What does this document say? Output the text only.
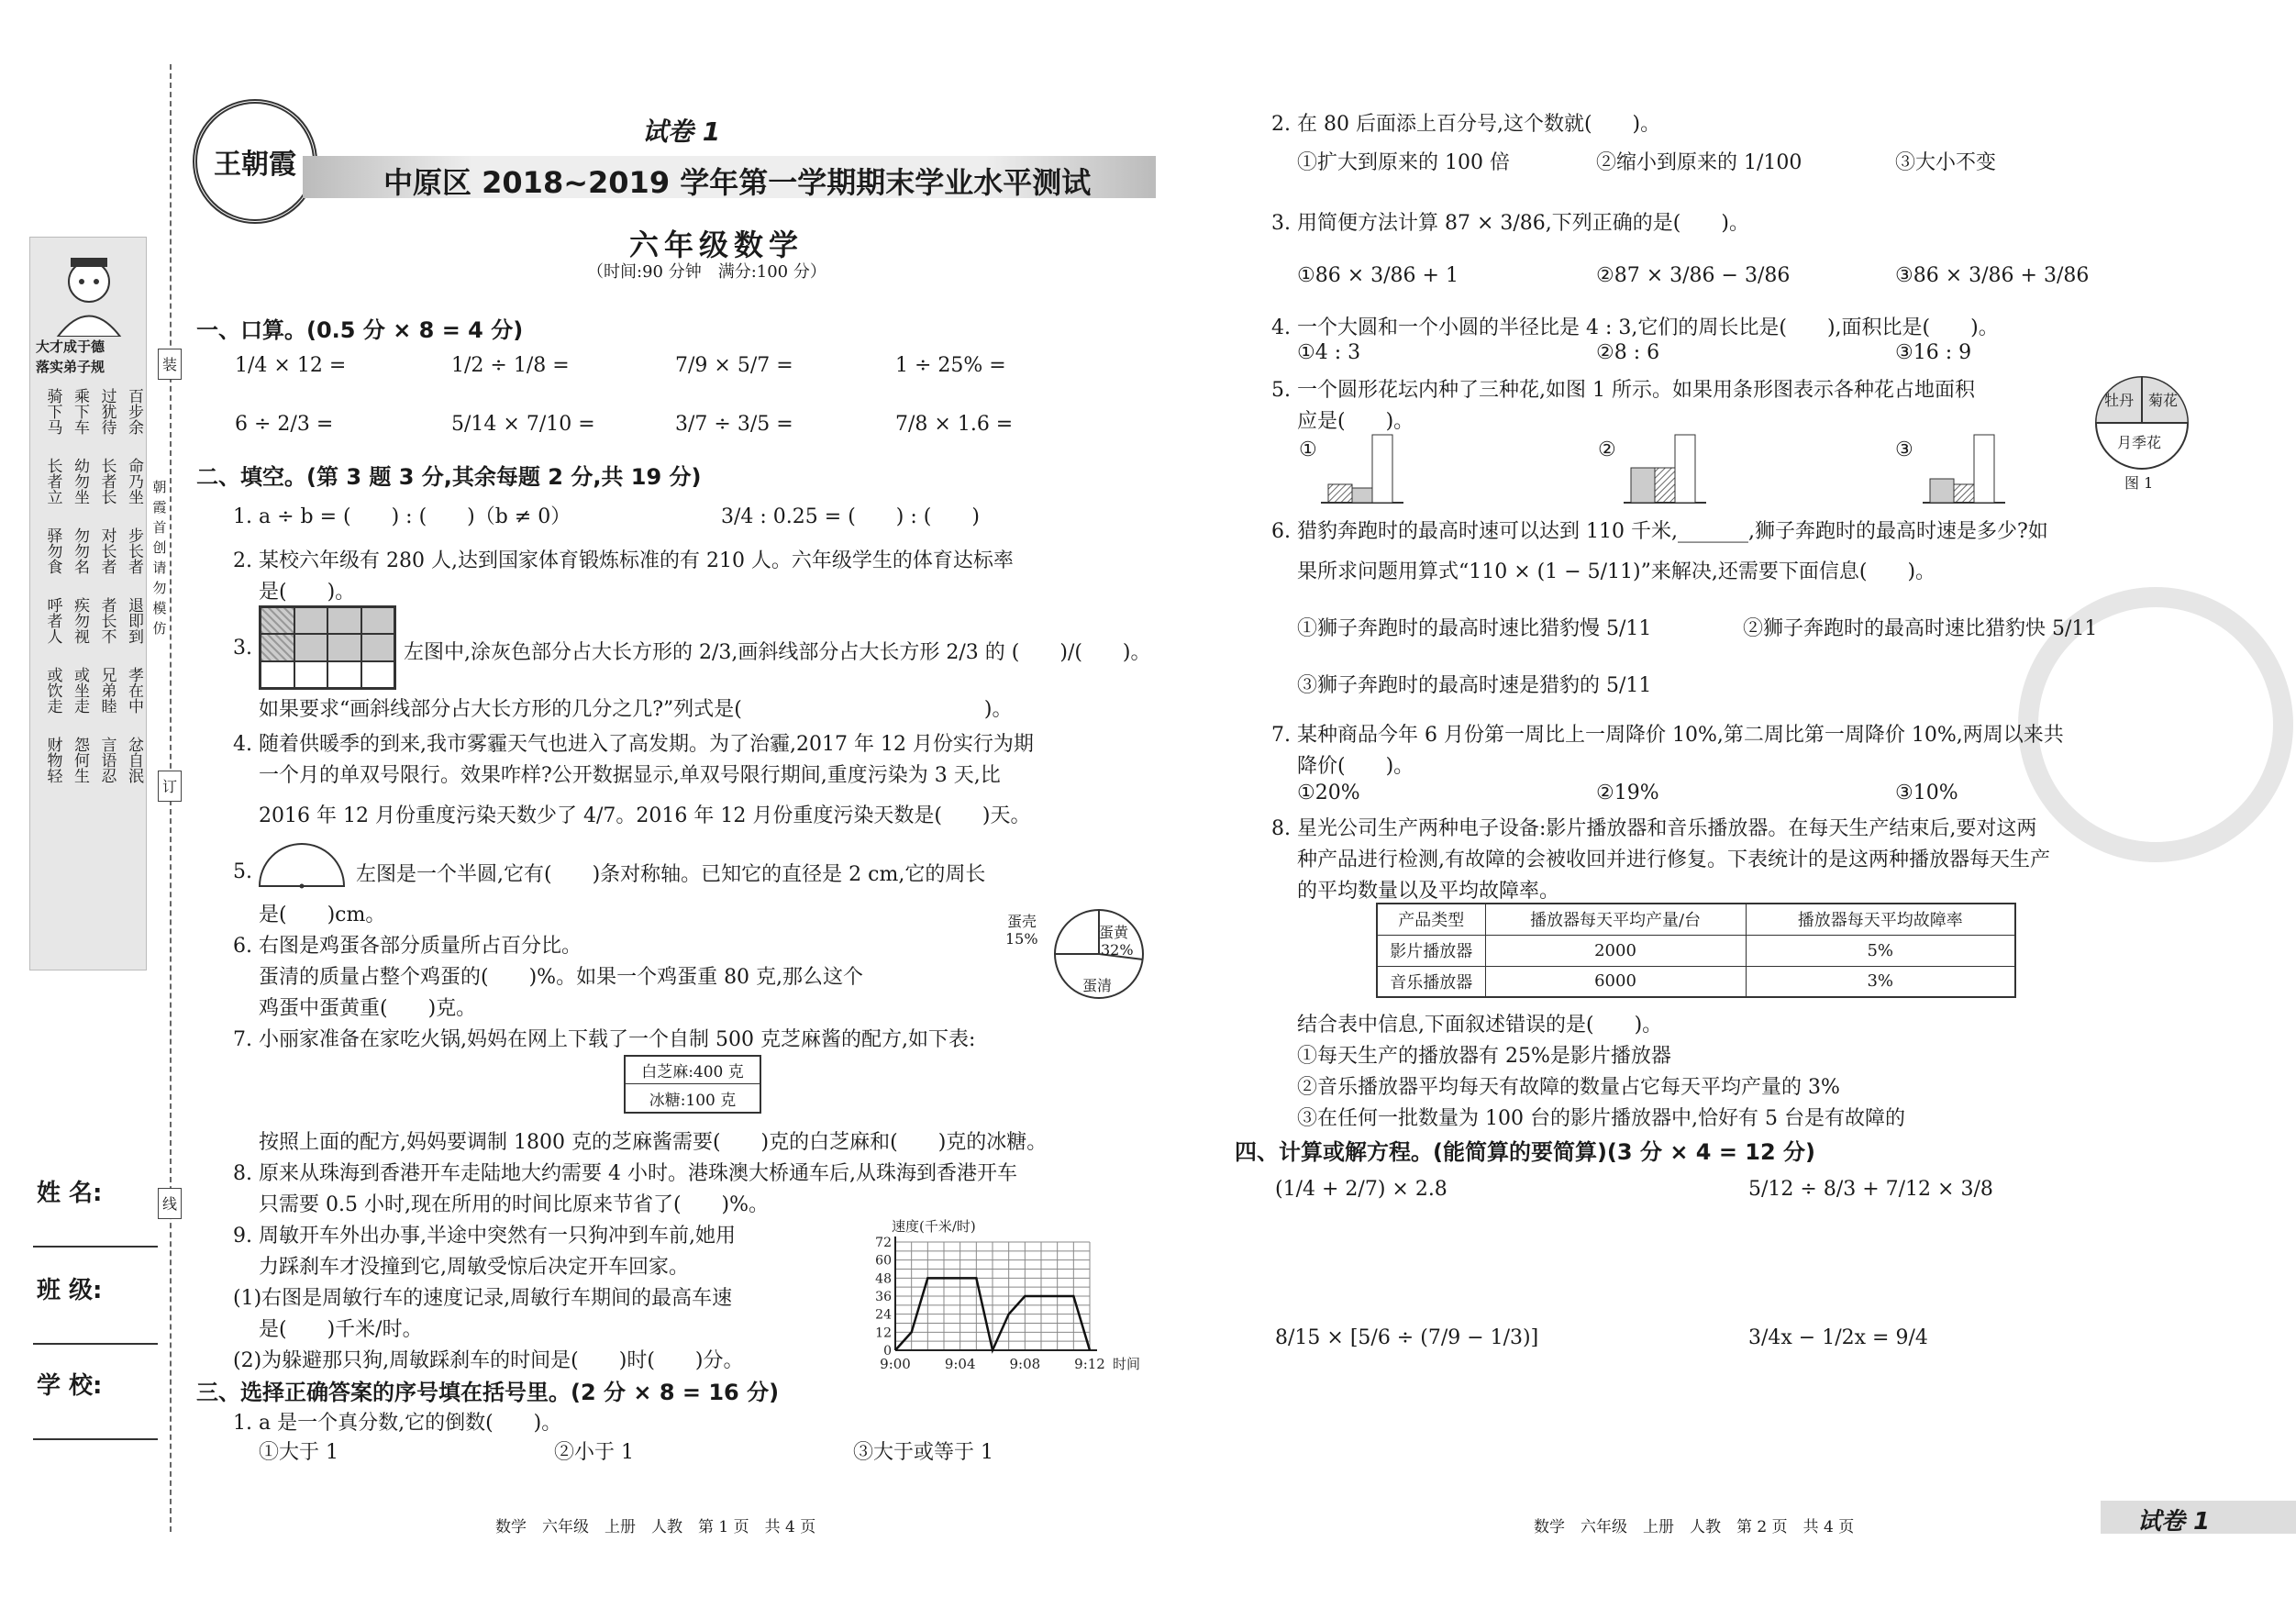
装
订
线
朝霞首创 请勿模仿
大才成于德
落实弟子规
骑下马 乘下车 过犹待 百步余
长者立 幼勿坐 长者长 命乃坐
驿勿食 勿勿名 对长者 步长者
呼者人 疾勿视 者长不 退即到
或饮走 或坐走 兄弟睦 孝在中
财物轻 怨何生 言语忍 忿自泯
姓 名:
班 级:
学 校:
王朝霞
试卷 1
中原区 2018~2019 学年第一学期期末学业水平测试
六年级数学
（时间:90 分钟　满分:100 分）
一、口算。(0.5 分 × 8 = 4 分)
1/4 × 12 =	1/2 ÷ 1/8 =	7/9 × 5/7 =	1 ÷ 25% =
6 ÷ 2/3 =	5/14 × 7/10 =	3/7 ÷ 3/5 =	7/8 × 1.6 =
二、填空。(第 3 题 3 分,其余每题 2 分,共 19 分)
1. a ÷ b = (　　) : (　　)（b ≠ 0）	3/4 : 0.25 = (　　) : (　　)
2. 某校六年级有 280 人,达到国家体育锻炼标准的有 210 人。六年级学生的体育达标率
是(　　)。
3.	左图中,涂灰色部分占大长方形的 2/3,画斜线部分占大长方形 2/3 的 (　　)/(　　)。
如果要求“画斜线部分占大长方形的几分之几?”列式是(　　　　　　　　　　　　)。
4. 随着供暖季的到来,我市雾霾天气也进入了高发期。为了治霾,2017 年 12 月份实行为期
一个月的单双号限行。效果咋样?公开数据显示,单双号限行期间,重度污染为 3 天,比
2016 年 12 月份重度污染天数少了 4/7。2016 年 12 月份重度污染天数是(　　)天。
5.	左图是一个半圆,它有(　　)条对称轴。已知它的直径是 2 cm,它的周长
是(　　)cm。
6. 右图是鸡蛋各部分质量所占百分比。
蛋清的质量占整个鸡蛋的(　　)%。如果一个鸡蛋重 80 克,那么这个
鸡蛋中蛋黄重(　　)克。
蛋壳
15%	蛋黄
32%
蛋清
7. 小丽家准备在家吃火锅,妈妈在网上下载了一个自制 500 克芝麻酱的配方,如下表:
白芝麻:400 克
冰糖:100 克
按照上面的配方,妈妈要调制 1800 克的芝麻酱需要(　　)克的白芝麻和(　　)克的冰糖。
8. 原来从珠海到香港开车走陆地大约需要 4 小时。港珠澳大桥通车后,从珠海到香港开车
只需要 0.5 小时,现在所用的时间比原来节省了(　　)%。
9. 周敏开车外出办事,半途中突然有一只狗冲到车前,她用
力踩刹车才没撞到它,周敏受惊后决定开车回家。
(1)右图是周敏行车的速度记录,周敏行车期间的最高车速
是(　　)千米/时。
(2)为躲避那只狗,周敏踩刹车的时间是(　　)时(　　)分。	0
12
24
36
48
60
72
9:00 9:04 9:08 9:12
速度(千米/时)
时间
三、选择正确答案的序号填在括号里。(2 分 × 8 = 16 分)
1. a 是一个真分数,它的倒数(　　)。
①大于 1	②小于 1	③大于或等于 1
数学　六年级　上册　人教　第 1 页　共 4 页
2. 在 80 后面添上百分号,这个数就(　　)。
①扩大到原来的 100 倍	②缩小到原来的 1/100	③大小不变
3. 用简便方法计算 87 × 3/86,下列正确的是(　　)。
①86 × 3/86 + 1	②87 × 3/86 − 3/86	③86 × 3/86 + 3/86
4. 一个大圆和一个小圆的半径比是 4 : 3,它们的周长比是(　　),面积比是(　　)。
①4 : 3	②8 : 6	③16 : 9
5. 一个圆形花坛内种了三种花,如图 1 所示。如果用条形图表示各种花占地面积
应是(　　)。
①	②	③
牡丹 菊花
月季花
图 1
6. 猎豹奔跑时的最高时速可以达到 110 千米,_______,狮子奔跑时的最高时速是多少?如
果所求问题用算式“110 × (1 − 5/11)”来解决,还需要下面信息(　　)。
①狮子奔跑时的最高时速比猎豹慢 5/11	②狮子奔跑时的最高时速比猎豹快 5/11
③狮子奔跑时的最高时速是猎豹的 5/11
7. 某种商品今年 6 月份第一周比上一周降价 10%,第二周比第一周降价 10%,两周以来共
降价(　　)。
①20%	②19%	③10%
8. 星光公司生产两种电子设备:影片播放器和音乐播放器。在每天生产结束后,要对这两
种产品进行检测,有故障的会被收回并进行修复。下表统计的是这两种播放器每天生产
的平均数量以及平均故障率。
产品类型	播放器每天平均产量/台	播放器每天平均故障率
影片播放器	2000	5%
音乐播放器	6000	3%
结合表中信息,下面叙述错误的是(　　)。
①每天生产的播放器有 25%是影片播放器
②音乐播放器平均每天有故障的数量占它每天平均产量的 3%
③在任何一批数量为 100 台的影片播放器中,恰好有 5 台是有故障的
四、计算或解方程。(能简算的要简算)(3 分 × 4 = 12 分)
(1/4 + 2/7) × 2.8	5/12 ÷ 8/3 + 7/12 × 3/8
8/15 × [5/6 ÷ (7/9 − 1/3)]	3/4x − 1/2x = 9/4
数学　六年级　上册　人教　第 2 页　共 4 页	试卷 1
